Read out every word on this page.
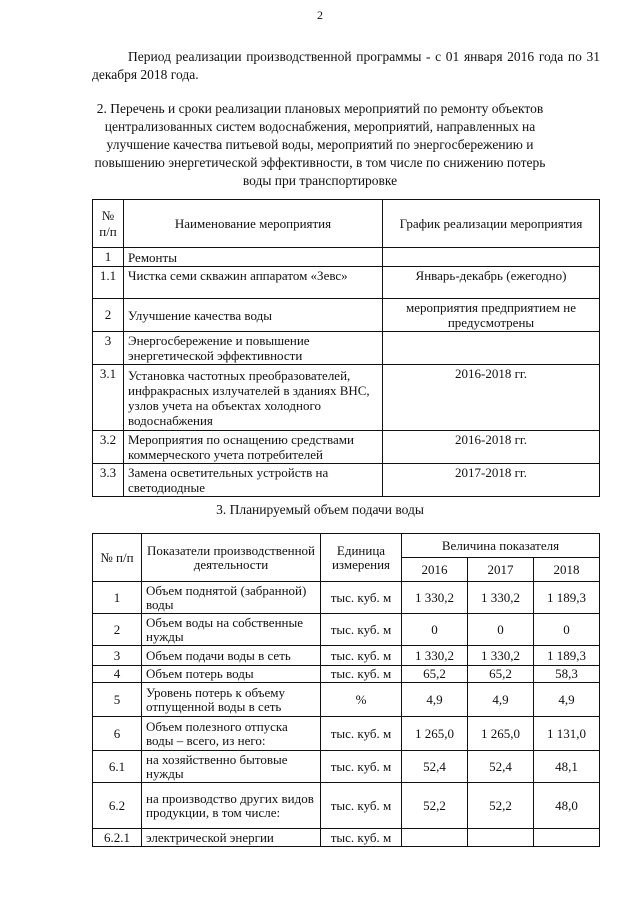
2

Период реализации производственной программы - с 01 января 2016 года по 31 декабря 2018 года.

2. Перечень и сроки реализации плановых мероприятий по ремонту объектов централизованных систем водоснабжения, мероприятий, направленных на улучшение качества питьевой воды, мероприятий по энергосбережению и повышению энергетической эффективности, в том числе по снижению потерь воды при транспортировке
№ п/п	Наименование мероприятия	График реализации мероприятия
1	Ремонты	
1.1	Чистка семи скважин аппаратом «Зевс»	Январь-декабрь (ежегодно)
2	Улучшение качества воды	мероприятия предприятием не предусмотрены
3	Энергосбережение и повышение энергетической эффективности	
3.1	Установка частотных преобразователей, инфракрасных излучателей в зданиях ВНС, узлов учета на объектах холодного водоснабжения	2016-2018 гг.
3.2	Мероприятия по оснащению средствами коммерческого учета потребителей	2016-2018 гг.
3.3	Замена осветительных устройств на светодиодные	2017-2018 гг.
3. Планируемый объем подачи воды
№ п/п	Показатели производственной деятельности	Единица измерения	Величина показателя		
			2016	2017	2018
1	Объем поднятой (забранной) воды	тыс. куб. м	1 330,2	1 330,2	1 189,3
2	Объем воды на собственные нужды	тыс. куб. м	0	0	0
3	Объем подачи воды в сеть	тыс. куб. м	1 330,2	1 330,2	1 189,3
4	Объем потерь воды	тыс. куб. м	65,2	65,2	58,3
5	Уровень потерь к объему отпущенной воды в сеть	%	4,9	4,9	4,9
6	Объем полезного отпуска воды – всего, из него:	тыс. куб. м	1 265,0	1 265,0	1 131,0
6.1	на хозяйственно бытовые нужды	тыс. куб. м	52,4	52,4	48,1
6.2	на производство других видов продукции, в том числе:	тыс. куб. м	52,2	52,2	48,0
6.2.1	электрической энергии	тыс. куб. м			
